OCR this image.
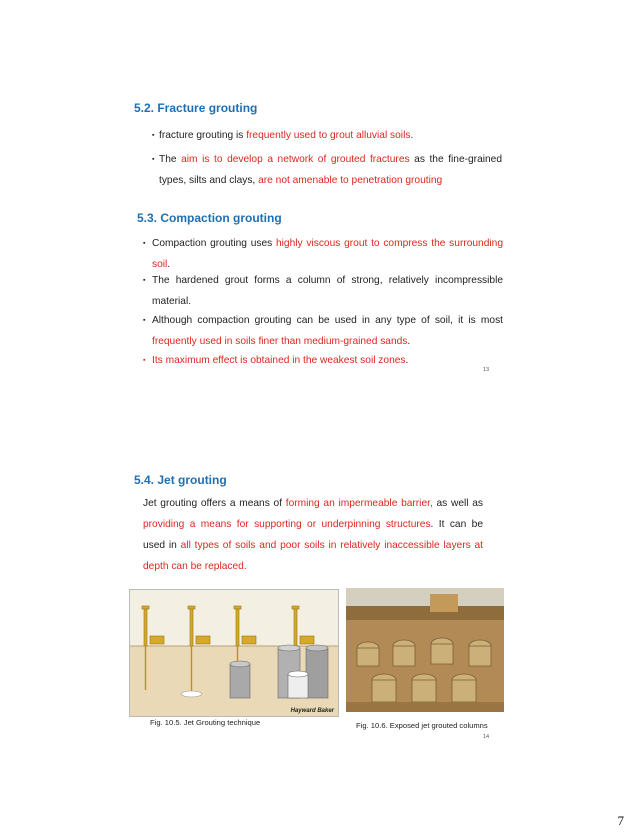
5.2. Fracture grouting
▪ fracture grouting is frequently used to grout alluvial soils.
▪ The aim is to develop a network of grouted fractures as the fine-grained
types, silts and clays, are not amenable to penetration grouting
5.3. Compaction grouting
▪ Compaction grouting uses highly viscous grout to compress the surrounding
soil.
▪ The hardened grout forms a column of strong, relatively incompressible
material.
▪ Although compaction grouting can be used in any type of soil, it is most
frequently used in soils finer than medium-grained sands.
▪ Its maximum effect is obtained in the weakest soil zones.
13
5.4. Jet grouting
Jet grouting offers a means of forming an impermeable barrier, as well as
providing a means for supporting or underpinning structures. It can be
used in all types of soils and poor soils in relatively inaccessible layers at
depth can be replaced.
Hayward Baker
Fig. 10.5. Jet Grouting technique	Fig. 10.6. Exposed jet grouted columns
14
7
